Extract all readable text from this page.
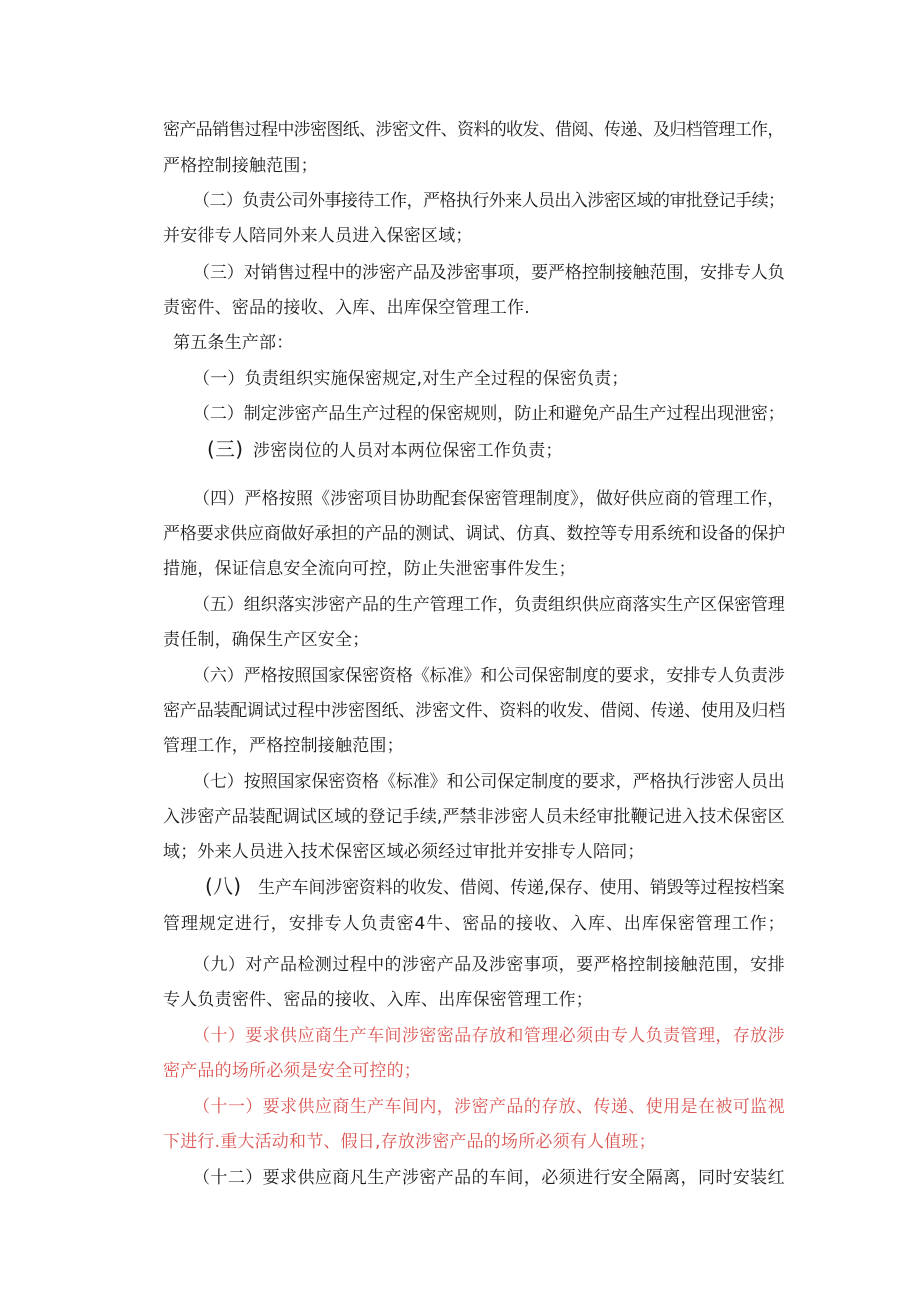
密产品销售过程中涉密图纸、涉密文件、资料的收发、借阅、传递、及归档管理工作，
严格控制接触范围；
（二）负责公司外事接待工作，严格执行外来人员出入涉密区域的审批登记手续；
并安徘专人陪同外来人员进入保密区域；
（三）对销售过程中的涉密产品及涉密事项，要严格控制接触范围，安排专人负
责密件、密品的接收、入库、出库保空管理工作.
第五条生产部：
（一）负责组织实施保密规定,对生产全过程的保密负责；
（二）制定涉密产品生产过程的保密规则，防止和避免产品生产过程出现泄密；
(三) 涉密岗位的人员对本两位保密工作负责；
（四）严格按照《涉密项目协助配套保密管理制度》，做好供应商的管理工作，
严格要求供应商做好承担的产品的测试、调试、仿真、数控等专用系统和设备的保护
措施，保证信息安全流向可控，防止失泄密事件发生；
（五）组织落实涉密产品的生产管理工作，负责组织供应商落实生产区保密管理
责任制，确保生产区安全；
（六）严格按照国家保密资格《标准》和公司保密制度的要求，安排专人负责涉
密产品装配调试过程中涉密图纸、涉密文件、资料的收发、借阅、传递、使用及归档
管理工作，严格控制接触范围；
（七）按照国家保密资格《标准》和公司保定制度的要求，严格执行涉密人员出
入涉密产品装配调试区域的登记手续,严禁非涉密人员未经审批鞭记进入技术保密区
域；外来人员进入技术保密区域必须经过审批并安排专人陪同；
(八) 生产车间涉密资料的收发、借阅、传递,保存、使用、销毁等过程按档案
管理规定进行，安排专人负责密4牛、密品的接收、入库、出库保密管理工作；
（九）对产品检测过程中的涉密产品及涉密事项，要严格控制接触范围，安排
专人负责密件、密品的接收、入库、出库保密管理工作；
（十）要求供应商生产车间涉密密品存放和管理必须由专人负责管理，存放涉
密产品的场所必须是安全可控的；
（十一）要求供应商生产车间内，涉密产品的存放、传递、使用是在被可监视
下进行.重大活动和节、假日,存放涉密产品的场所必须有人值班；
（十二）要求供应商凡生产涉密产品的车间，必须进行安全隔离，同时安装红
